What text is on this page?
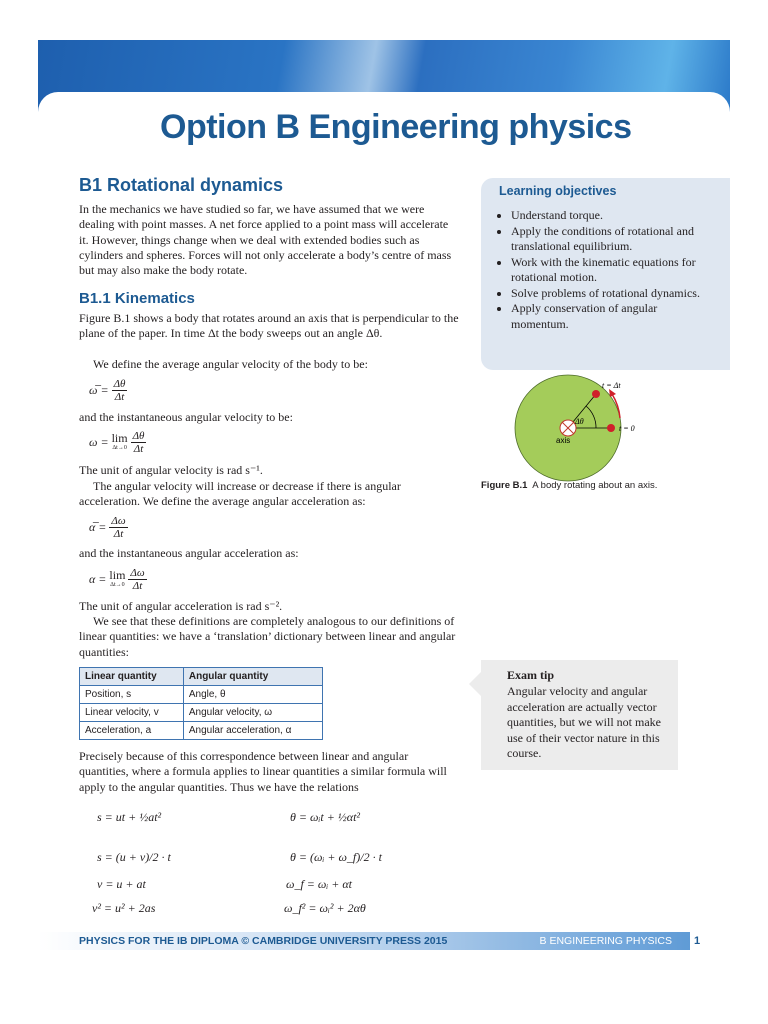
Option B Engineering physics
B1 Rotational dynamics
In the mechanics we have studied so far, we have assumed that we were dealing with point masses. A net force applied to a point mass will accelerate it. However, things change when we deal with extended bodies such as cylinders and spheres. Forces will not only accelerate a body’s centre of mass but may also make the body rotate.
B1.1 Kinematics
Figure B.1 shows a body that rotates around an axis that is perpendicular to the plane of the paper. In time Δt the body sweeps out an angle Δθ.
We define the average angular velocity of the body to be:
ω̅ = $\frac{\Delta\theta}{\Delta t}$
and the instantaneous angular velocity to be:
ω = lim
$\Delta t\to 0 \frac{\Delta\theta}{\Delta t}$
The unit of angular velocity is rad s⁻¹.
The angular velocity will increase or decrease if there is angular acceleration. We define the average angular acceleration as:
α̅ = $\frac{\Delta\omega}{\Delta t}$
and the instantaneous angular acceleration as:
α = lim
$\Delta t\to 0 \frac{\Delta\omega}{\Delta t}$
The unit of angular acceleration is rad s⁻².
We see that these definitions are completely analogous to our definitions of linear quantities: we have a ‘translation’ dictionary between linear and angular quantities:
Linear quantity	Angular quantity
Position, s	Angle, θ
Linear velocity, v	Angular velocity, ω
Acceleration, a	Angular acceleration, α
Precisely because of this correspondence between linear and angular quantities, where a formula applies to linear quantities a similar formula will apply to the angular quantities. Thus we have the relations
s = ut + ½at²
s = (u + v)/2 · t
v = u + at
v² = u² + 2as
θ = ωᵢt + ½αt²
θ = (ωᵢ + ω_f)/2 · t
ω_f = ωᵢ + αt
ω_f² = ωᵢ² + 2αθ
Learning objectives
• Understand torque.
• Apply the conditions of rotational and translational equilibrium.
• Work with the kinematic equations for rotational motion.
• Solve problems of rotational dynamics.
• Apply conservation of angular momentum.
t = Δt
t = 0
Δθ
axis
Figure B.1 A body rotating about an axis.
Exam tip

Angular velocity and angular acceleration are actually vector quantities, but we will not make use of their vector nature in this course.

PHYSICS FOR THE IB DIPLOMA © CAMBRIDGE UNIVERSITY PRESS 2015	B ENGINEERING PHYSICS 1
